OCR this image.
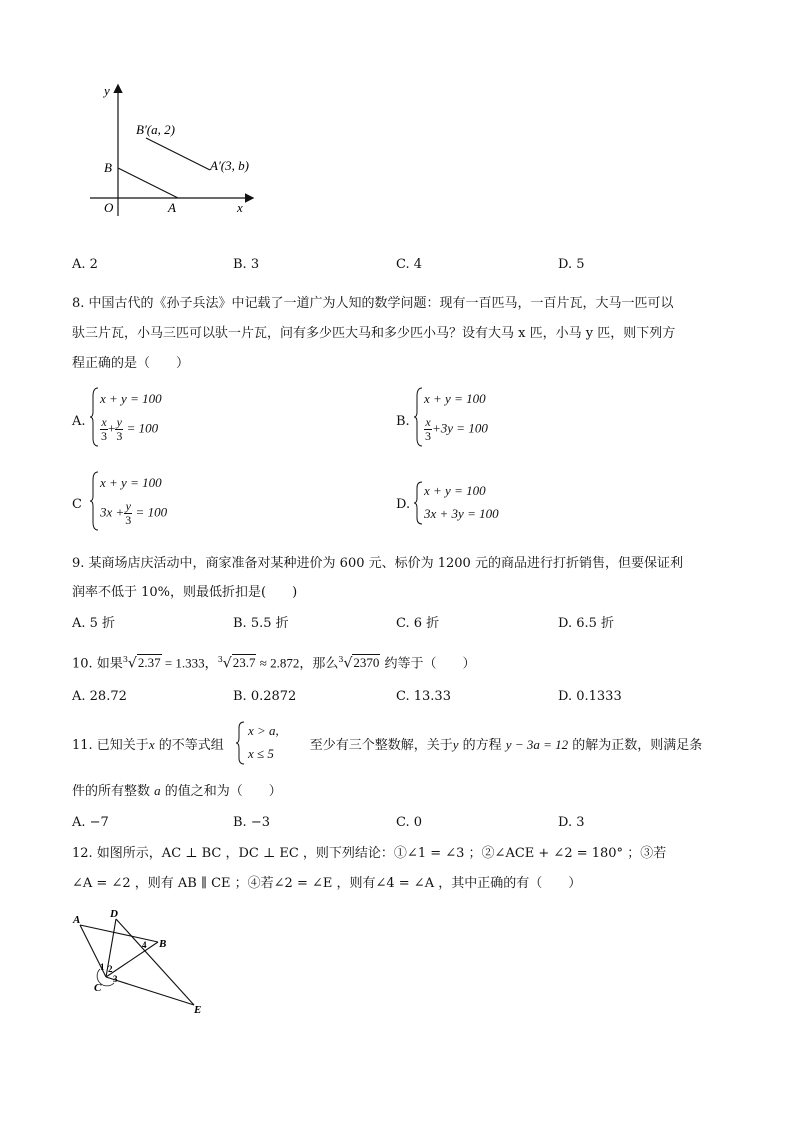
y
x
O	A
B
B′(a, 2)
A′(3, b)
A. 2	B. 3	C. 4	D. 5
8. 中国古代的《孙子兵法》中记载了一道广为人知的数学问题：现有一百匹马，一百片瓦，大马一匹可以
驮三片瓦，小马三匹可以驮一片瓦，问有多少匹大马和多少匹小马？设有大马 x 匹，小马 y 匹，则下列方
程正确的是（　　）
A.
x + y = 100
$\frac{x}{3} + \frac{y}{3} = 100$	B.
x + y = 100
$\frac{x}{3} +3y = 100$
C
x + y = 100
$3x + \frac{y}{3} = 100$	D.
x + y = 100
3x + 3y = 100
9. 某商场店庆活动中，商家准备对某种进价为 600 元、标价为 1200 元的商品进行打折销售，但要保证利
润率不低于 10%，则最低折扣是(　　)
A. 5 折	B. 5.5 折	C. 6 折	D. 6.5 折
10. 如果$^3$√2.37 = 1.333，$^3$√23.7 ≈ 2.872，那么$^3$√2370 约等于（　　）
A. 28.72	B. 0.2872	C. 13.33	D. 0.1333
11. 已知关于x 的不等式组	至少有三个整数解，关于y 的方程 y − 3a = 12 的解为正数，则满足条
x > a,
x ≤ 5
件的所有整数 a 的值之和为（　　）
A. −7	B. −3	C. 0	D. 3
12. 如图所示，AC ⊥ BC ，DC ⊥ EC ，则下列结论：①∠1 = ∠3 ；②∠ACE + ∠2 = 180° ；③若
∠A = ∠2 ，则有 AB ∥ CE ；④若∠2 = ∠E ，则有∠4 = ∠A ，其中正确的有（　　）
A	D
B
C
E
1 2
3
4
